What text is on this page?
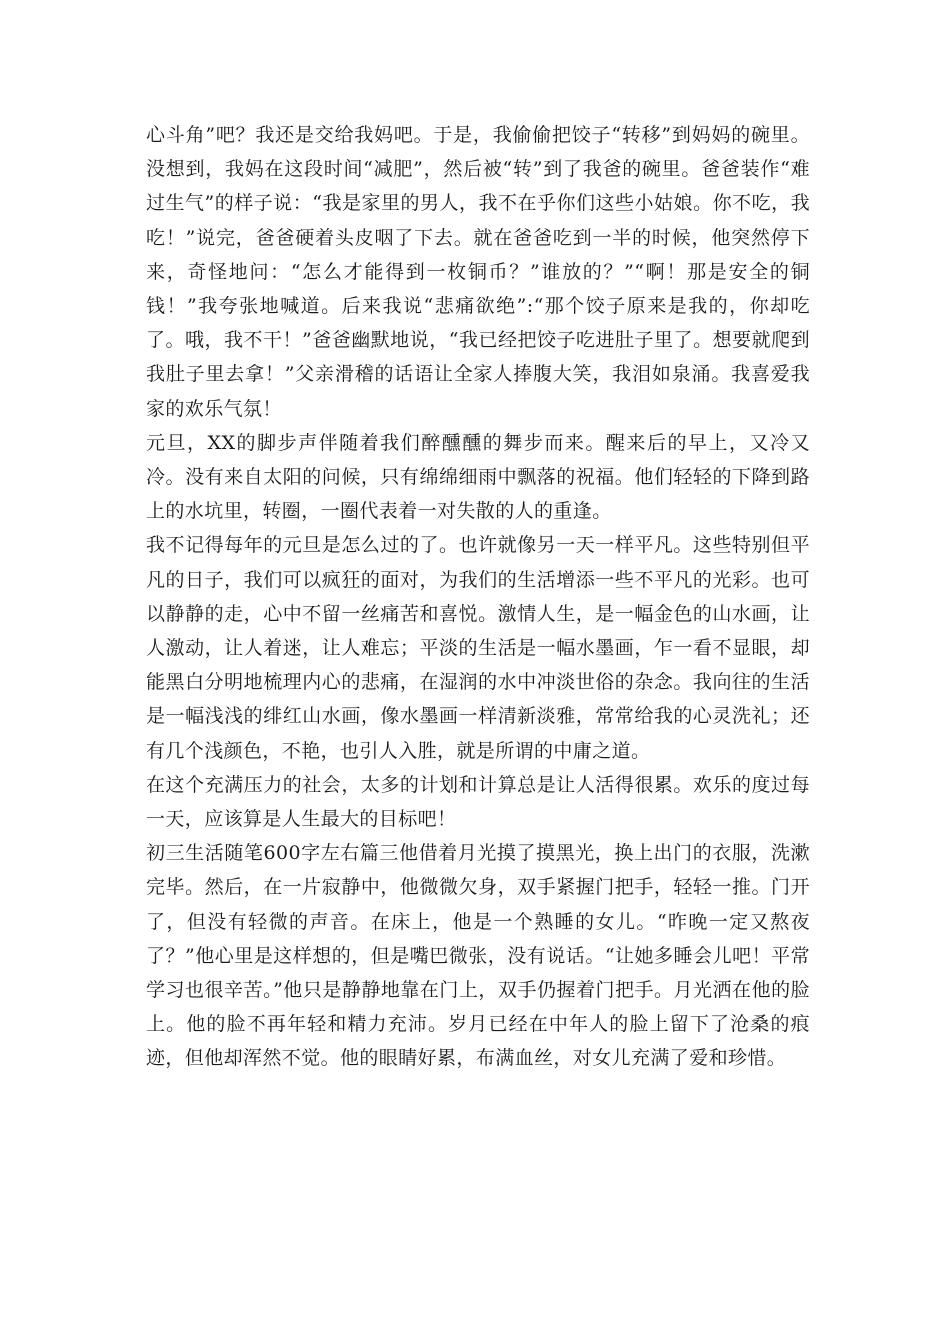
心斗角”吧？我还是交给我妈吧。于是，我偷偷把饺子“转移”到妈妈的碗里。没想到，我妈在这段时间“减肥”，然后被“转”到了我爸的碗里。爸爸装作“难过生气”的样子说：“我是家里的男人，我不在乎你们这些小姑娘。你不吃，我吃！”说完，爸爸硬着头皮咽了下去。就在爸爸吃到一半的时候，他突然停下来，奇怪地问：“怎么才能得到一枚铜币？”谁放的？”“啊！那是安全的铜钱！”我夸张地喊道。后来我说“悲痛欲绝”:“那个饺子原来是我的，你却吃了。哦，我不干！”爸爸幽默地说，“我已经把饺子吃进肚子里了。想要就爬到我肚子里去拿！”父亲滑稽的话语让全家人捧腹大笑，我泪如泉涌。我喜爱我家的欢乐气氛！

元旦，XX的脚步声伴随着我们醉醺醺的舞步而来。醒来后的早上，又冷又冷。没有来自太阳的问候，只有绵绵细雨中飘落的祝福。他们轻轻的下降到路上的水坑里，转圈，一圈代表着一对失散的人的重逢。

我不记得每年的元旦是怎么过的了。也许就像另一天一样平凡。这些特别但平凡的日子，我们可以疯狂的面对，为我们的生活增添一些不平凡的光彩。也可以静静的走，心中不留一丝痛苦和喜悦。激情人生，是一幅金色的山水画，让人激动，让人着迷，让人难忘；平淡的生活是一幅水墨画，乍一看不显眼，却能黑白分明地梳理内心的悲痛，在湿润的水中冲淡世俗的杂念。我向往的生活是一幅浅浅的绯红山水画，像水墨画一样清新淡雅，常常给我的心灵洗礼；还有几个浅颜色，不艳，也引人入胜，就是所谓的中庸之道。

在这个充满压力的社会，太多的计划和计算总是让人活得很累。欢乐的度过每一天，应该算是人生最大的目标吧！

初三生活随笔600字左右篇三他借着月光摸了摸黑光，换上出门的衣服，洗漱完毕。然后，在一片寂静中，他微微欠身，双手紧握门把手，轻轻一推。门开了，但没有轻微的声音。在床上，他是一个熟睡的女儿。“昨晚一定又熬夜了？”他心里是这样想的，但是嘴巴微张，没有说话。“让她多睡会儿吧！平常学习也很辛苦。”他只是静静地靠在门上，双手仍握着门把手。月光洒在他的脸上。他的脸不再年轻和精力充沛。岁月已经在中年人的脸上留下了沧桑的痕迹，但他却浑然不觉。他的眼睛好累，布满血丝，对女儿充满了爱和珍惜。
